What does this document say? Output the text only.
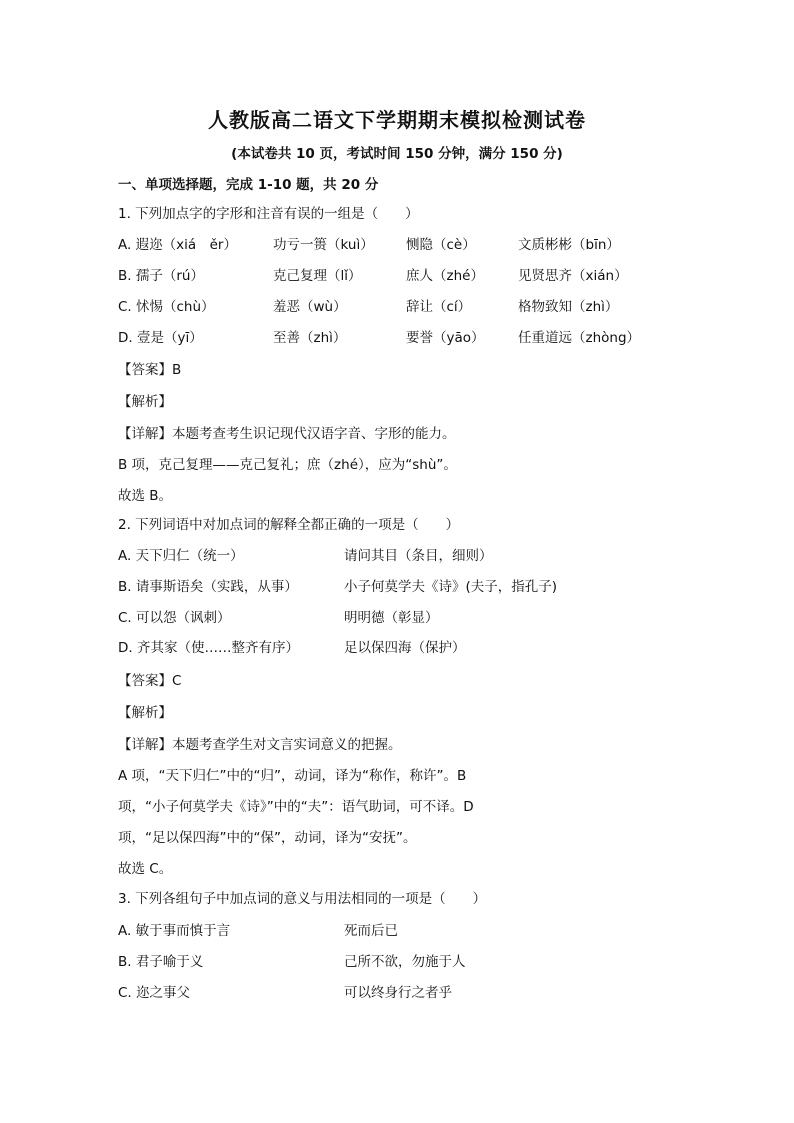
人教版高二语文下学期期末模拟检测试卷
(本试卷共 10 页，考试时间 150 分钟，满分 150 分)
一、单项选择题，完成 1-10 题，共 20 分
1. 下列加点字的字形和注音有误的一组是（　　）
A. 遐迩（xiá　ěr）	功亏一篑（kuì） 恻隐（cè）	文质彬彬（bīn）
B. 孺子（rú）	克己复理（lǐ）	庶人（zhé）	见贤思齐（xián）
C. 怵惕（chù）	羞恶（wù）	辞让（cí）	格物致知（zhì）
D. 壹是（yī）	至善（zhì）	要誉（yāo） 任重道远（zhòng）
【答案】B
【解析】
【详解】本题考查考生识记现代汉语字音、字形的能力。
B 项，克己复理——克己复礼；庶（zhé），应为“shù”。
故选 B。
2. 下列词语中对加点词的解释全都正确的一项是（　　）
A. 天下归仁（统一）	请问其目（条目，细则）
B. 请事斯语矣（实践，从事）	小子何莫学夫《诗》(夫子，指孔子)
C. 可以怨（讽刺）	明明德（彰显）
D. 齐其家（使……整齐有序）	足以保四海（保护）
【答案】C
【解析】
【详解】本题考查学生对文言实词意义的把握。
A 项，“天下归仁”中的“归”，动词，译为“称作，称许”。B
项，“小子何莫学夫《诗》”中的“夫”：语气助词，可不译。D
项，“足以保四海”中的“保”，动词，译为“安抚”。
故选 C。
3. 下列各组句子中加点词的意义与用法相同的一项是（　　）
A. 敏于事而慎于言	死而后已
B. 君子喻于义	己所不欲，勿施于人
C. 迩之事父	可以终身行之者乎
